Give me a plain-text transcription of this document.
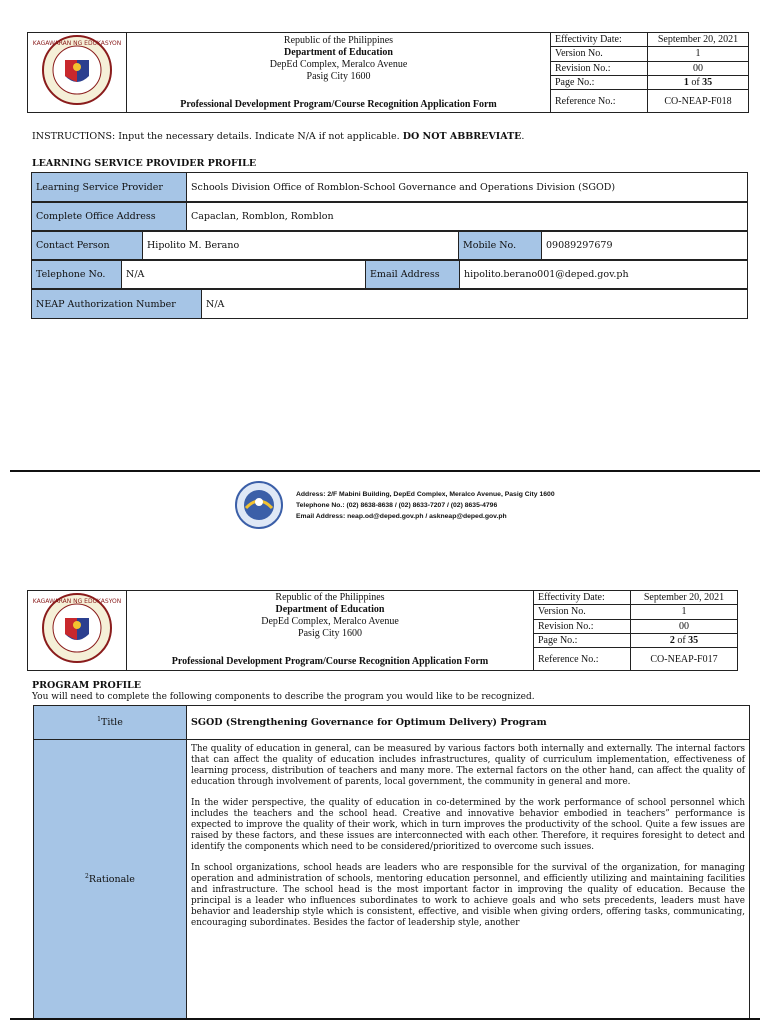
KAGAWARAN NG EDUKASYON	Republic of the Philippines
Department of Education
DepEd Complex, Meralco Avenue
Pasig City 1600
Professional Development Program/Course Recognition Application Form	Effectivity Date:	September 20, 2021
		Version No.	1
		Revision No.:	00
		Page No.:	1 of 35
		Reference No.:	CO-NEAP-F018
INSTRUCTIONS: Input the necessary details. Indicate N/A if not applicable. DO NOT ABBREVIATE.
LEARNING SERVICE PROVIDER PROFILE
Learning Service Provider	Schools Division Office of Romblon-School Governance and Operations Division (SGOD)
Complete Office Address	Capaclan, Romblon, Romblon
Contact Person	Hipolito M. Berano	Mobile No.	09089297679
Telephone No.	N/A	Email Address	hipolito.berano001@deped.gov.ph
NEAP Authorization Number	N/A
Address: 2/F Mabini Building, DepEd Complex, Meralco Avenue, Pasig City 1600
Telephone No.: (02) 8638-8638 / (02) 8633-7207 / (02) 8635-4796
Email Address: neap.od@deped.gov.ph / askneap@deped.gov.ph
KAGAWARAN NG EDUKASYON	Republic of the Philippines
Department of Education
DepEd Complex, Meralco Avenue
Pasig City 1600
Professional Development Program/Course Recognition Application Form	Effectivity Date:	September 20, 2021
		Version No.	1
		Revision No.:	00
		Page No.:	2 of 35
		Reference No.:	CO-NEAP-F017
PROGRAM PROFILE
You will need to complete the following components to describe the program you would like to be recognized.
$^1$Title	SGOD (Strengthening Governance for Optimum Delivery) Program
$^2$Rationale	The quality of education in general, can be measured by various factors both internally and externally. The internal factors that can affect the quality of education includes infrastructures, quality of curriculum implementation, effectiveness of learning process, distribution of teachers and many more. The external factors on the other hand, can affect the quality of education through involvement of parents, local government, the community in general and more.

In the wider perspective, the quality of education in co-determined by the work performance of school personnel which includes the teachers and the school head. Creative and innovative behavior embodied in teachers” performance is expected to improve the quality of their work, which in turn improves the productivity of the school. Quite a few issues are raised by these factors, and these issues are interconnected with each other. Therefore, it requires foresight to detect and identify the components which need to be considered/prioritized to overcome such issues.

In school organizations, school heads are leaders who are responsible for the survival of the organization, for managing operation and administration of schools, mentoring education personnel, and efficiently utilizing and maintaining facilities and infrastructure. The school head is the most important factor in improving the quality of education. Because the principal is a leader who influences subordinates to work to achieve goals and who sets precedents, leaders must have behavior and leadership style which is consistent, effective, and visible when giving orders, offering tasks, communicating, encouraging subordinates. Besides the factor of leadership style, another
